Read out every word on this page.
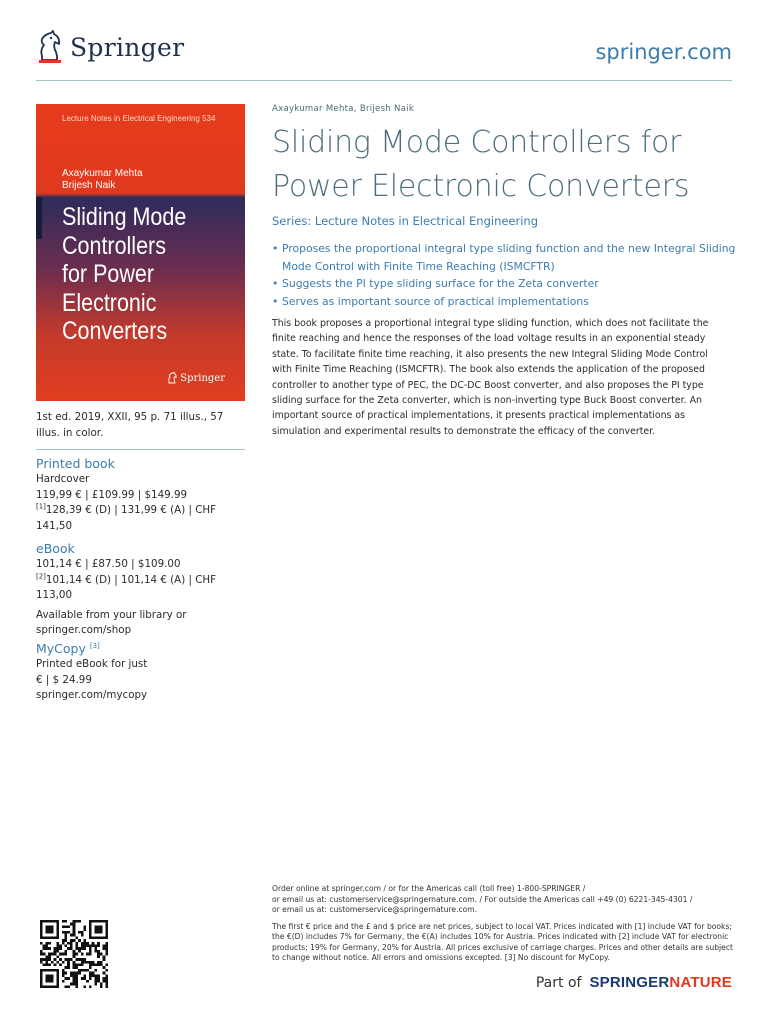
Springer	springer.com
Lecture Notes in Electrical Engineering 534
Axaykumar Mehta
Brijesh Naik
Sliding Mode
Controllers
for Power
Electronic
Converters
Springer
1st ed. 2019, XXII, 95 p. 71 illus., 57 illus. in color.
Printed book
Hardcover
119,99 € | £109.99 | $149.99
[1]128,39 € (D) | 131,99 € (A) | CHF 141,50
eBook
101,14 € | £87.50 | $109.00
[2]101,14 € (D) | 101,14 € (A) | CHF 113,00
Available from your library or springer.com/shop
MyCopy [3]
Printed eBook for just
€ | $ 24.99
springer.com/mycopy
Axaykumar Mehta, Brijesh Naik
Sliding Mode Controllers for
Power Electronic Converters
Series: Lecture Notes in Electrical Engineering
• Proposes the proportional integral type sliding function and the new Integral Sliding Mode Control with Finite Time Reaching (ISMCFTR)
• Suggests the PI type sliding surface for the Zeta converter
• Serves as important source of practical implementations
This book proposes a proportional integral type sliding function, which does not facilitate the finite reaching and hence the responses of the load voltage results in an exponential steady state. To facilitate finite time reaching, it also presents the new Integral Sliding Mode Control with Finite Time Reaching (ISMCFTR). The book also extends the application of the proposed controller to another type of PEC, the DC-DC Boost converter, and also proposes the PI type sliding surface for the Zeta converter, which is non-inverting type Buck Boost converter. An important source of practical implementations, it presents practical implementations as simulation and experimental results to demonstrate the efficacy of the converter.

Order online at springer.com / or for the Americas call (toll free) 1-800-SPRINGER /

or email us at: customerservice@springernature.com. / For outside the Americas call +49 (0) 6221-345-4301 /

or email us at: customerservice@springernature.com.

The first € price and the £ and $ price are net prices, subject to local VAT. Prices indicated with [1] include VAT for books; the €(D) includes 7% for Germany, the €(A) includes 10% for Austria. Prices indicated with [2] include VAT for electronic products; 19% for Germany, 20% for Austria. All prices exclusive of carriage charges. Prices and other details are subject to change without notice. All errors and omissions excepted. [3] No discount for MyCopy.

Part of SPRINGERNATURE
